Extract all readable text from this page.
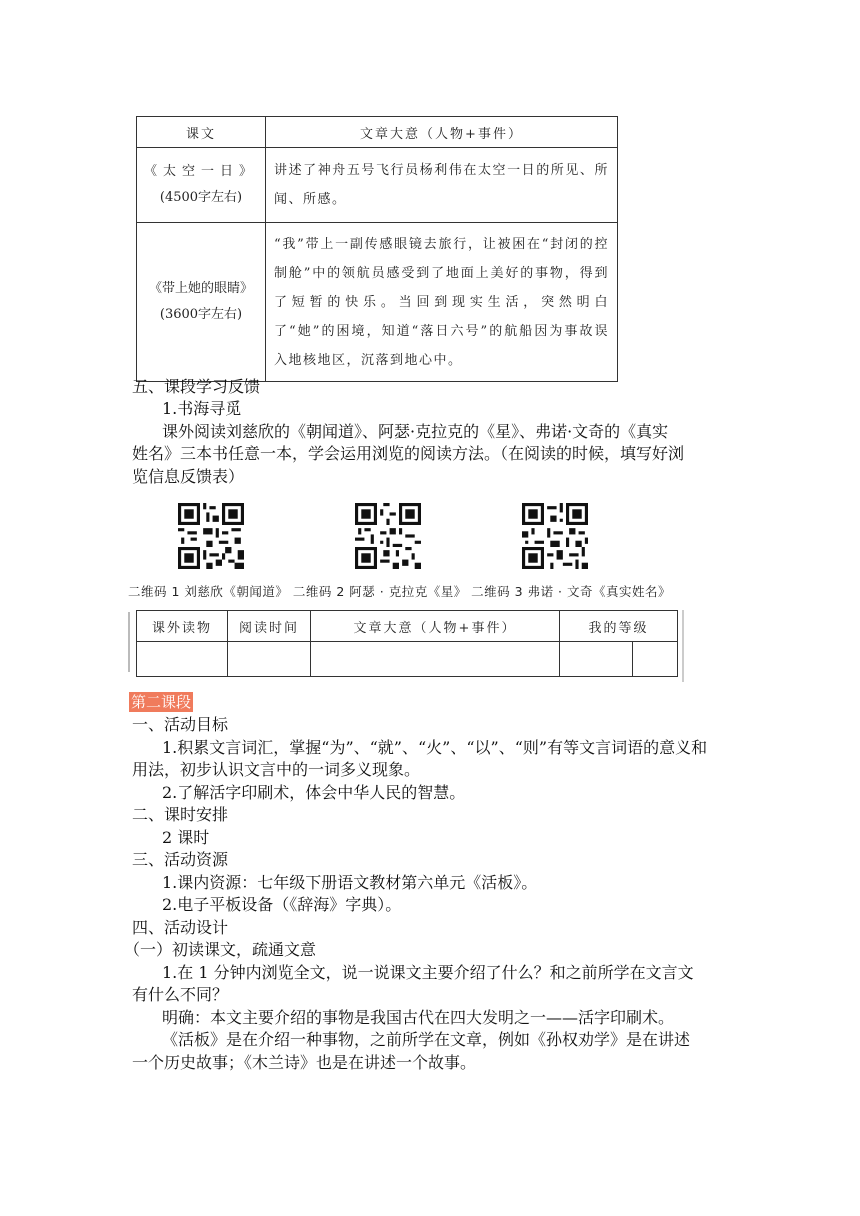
课文	文章大意（人物+事件）

《太空一日》
(4500字左右)	讲述了神舟五号飞行员杨利伟在太空一日的所见、所闻、所感。

《带上她的眼睛》
(3600字左右)	“我”带上一副传感眼镜去旅行，让被困在“封闭的控制舱”中的领航员感受到了地面上美好的事物，得到了短暂的快乐。当回到现实生活，突然明白了“她”的困境，知道“落日六号”的航船因为事故误入地核地区，沉落到地心中。
五、课段学习反馈
1.书海寻觅
课外阅读刘慈欣的《朝闻道》、阿瑟·克拉克的《星》、弗诺·文奇的《真实
姓名》三本书任意一本，学会运用浏览的阅读方法。（在阅读的时候，填写好浏
览信息反馈表）
二维码 1 刘慈欣《朝闻道》 二维码 2 阿瑟 · 克拉克《星》 二维码 3 弗诺 · 文奇《真实姓名》
课外读物	阅读时间	文章大意（人物+事件）	我的等级	

第二课段
一、活动目标
1.积累文言词汇，掌握“为”、“就”、“火”、“以”、“则”有等文言词语的意义和
用法，初步认识文言中的一词多义现象。
2.了解活字印刷术，体会中华人民的智慧。
二、课时安排
2 课时
三、活动资源
1.课内资源：七年级下册语文教材第六单元《活板》。
2.电子平板设备（《辞海》字典）。
四、活动设计
（一）初读课文，疏通文意
1.在 1 分钟内浏览全文，说一说课文主要介绍了什么？和之前所学在文言文
有什么不同？
明确：本文主要介绍的事物是我国古代在四大发明之一——活字印刷术。
《活板》是在介绍一种事物，之前所学在文章，例如《孙权劝学》是在讲述
一个历史故事；《木兰诗》也是在讲述一个故事。
